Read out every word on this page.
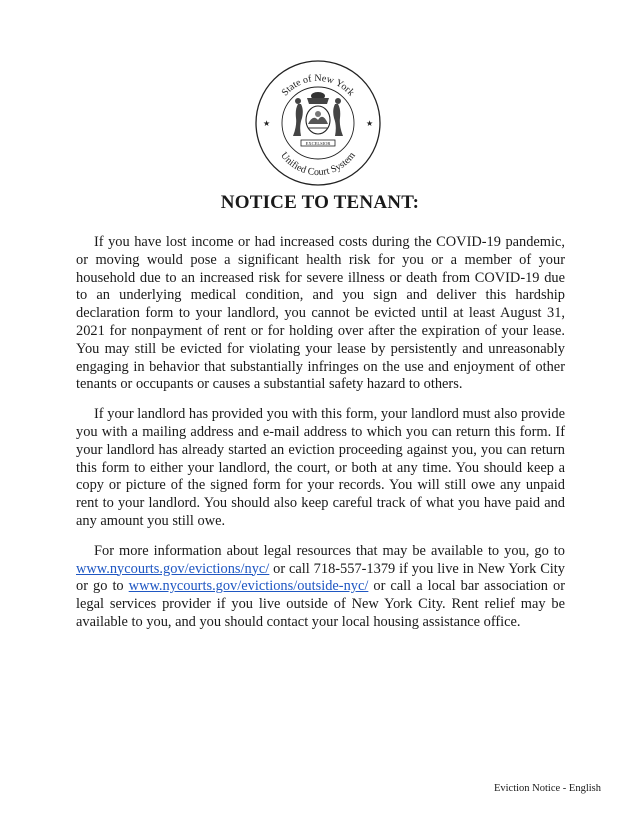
State of New York
Unified Court System
★	★
EXCELSIOR
NOTICE TO TENANT:

If you have lost income or had increased costs during the COVID-19 pandemic, or moving would pose a significant health risk for you or a member of your household due to an increased risk for severe illness or death from COVID-19 due to an underlying medical condition, and you sign and deliver this hardship declaration form to your landlord, you cannot be evicted until at least August 31, 2021 for nonpayment of rent or for holding over after the expiration of your lease. You may still be evicted for violating your lease by persistently and unreasonably engaging in behavior that substantially infringes on the use and enjoyment of other tenants or occupants or causes a substantial safety hazard to others.

If your landlord has provided you with this form, your landlord must also provide you with a mailing address and e-mail address to which you can return this form. If your landlord has already started an eviction proceeding against you, you can return this form to either your landlord, the court, or both at any time. You should keep a copy or picture of the signed form for your records. You will still owe any unpaid rent to your landlord. You should also keep careful track of what you have paid and any amount you still owe.

For more information about legal resources that may be available to you, go to www.nycourts.gov/evictions/nyc/ or call 718-557-1379 if you live in New York City or go to www.nycourts.gov/evictions/outside-nyc/ or call a local bar association or legal services provider if you live outside of New York City. Rent relief may be available to you, and you should contact your local housing assistance office.

Eviction Notice - English
